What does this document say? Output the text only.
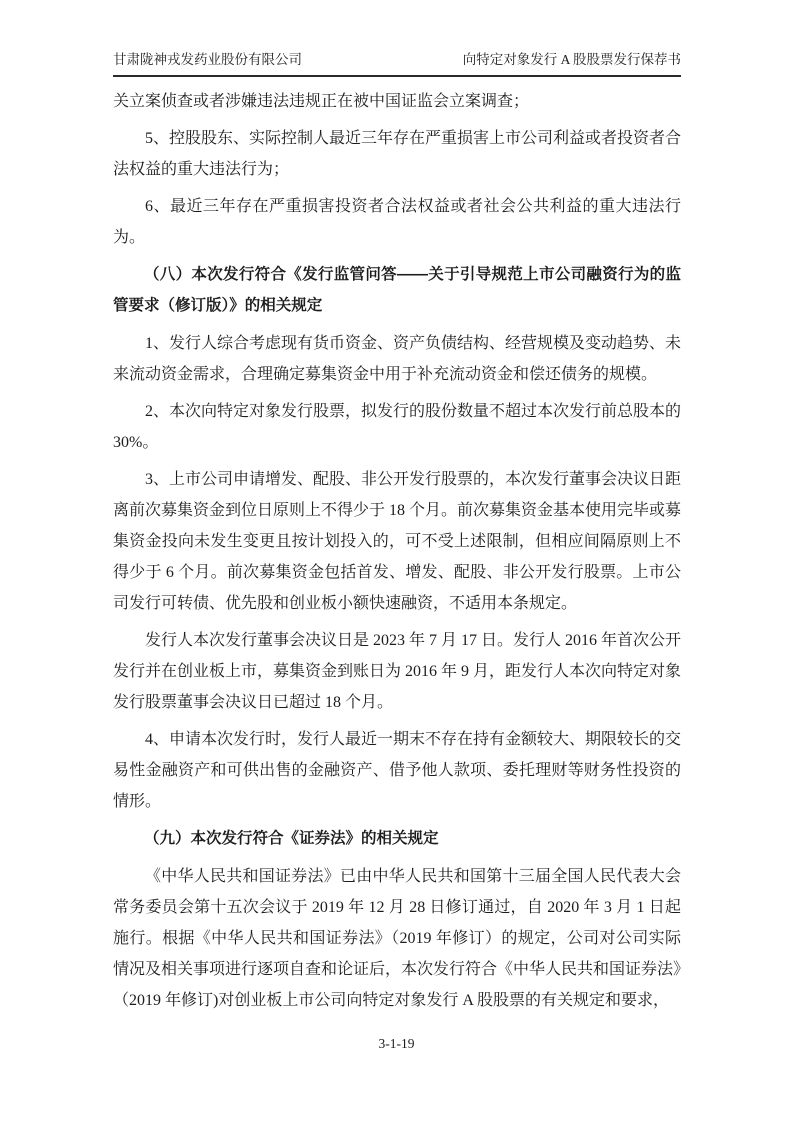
甘肃陇神戎发药业股份有限公司	向特定对象发行 A 股股票发行保荐书

关立案侦查或者涉嫌违法违规正在被中国证监会立案调查；

5、控股股东、实际控制人最近三年存在严重损害上市公司利益或者投资者合法权益的重大违法行为；

6、最近三年存在严重损害投资者合法权益或者社会公共利益的重大违法行为。

（八）本次发行符合《发行监管问答——关于引导规范上市公司融资行为的监管要求（修订版）》的相关规定

1、发行人综合考虑现有货币资金、资产负债结构、经营规模及变动趋势、未来流动资金需求，合理确定募集资金中用于补充流动资金和偿还债务的规模。

2、本次向特定对象发行股票，拟发行的股份数量不超过本次发行前总股本的 30%。

3、上市公司申请增发、配股、非公开发行股票的，本次发行董事会决议日距离前次募集资金到位日原则上不得少于 18 个月。前次募集资金基本使用完毕或募集资金投向未发生变更且按计划投入的，可不受上述限制，但相应间隔原则上不得少于 6 个月。前次募集资金包括首发、增发、配股、非公开发行股票。上市公司发行可转债、优先股和创业板小额快速融资，不适用本条规定。

发行人本次发行董事会决议日是 2023 年 7 月 17 日。发行人 2016 年首次公开发行并在创业板上市，募集资金到账日为 2016 年 9 月，距发行人本次向特定对象发行股票董事会决议日已超过 18 个月。

4、申请本次发行时，发行人最近一期末不存在持有金额较大、期限较长的交易性金融资产和可供出售的金融资产、借予他人款项、委托理财等财务性投资的情形。

（九）本次发行符合《证券法》的相关规定

《中华人民共和国证券法》已由中华人民共和国第十三届全国人民代表大会常务委员会第十五次会议于 2019 年 12 月 28 日修订通过，自 2020 年 3 月 1 日起施行。根据《中华人民共和国证券法》（2019 年修订）的规定，公司对公司实际情况及相关事项进行逐项自查和论证后，本次发行符合《中华人民共和国证券法》（2019 年修订)对创业板上市公司向特定对象发行 A 股股票的有关规定和要求，

3-1-19
